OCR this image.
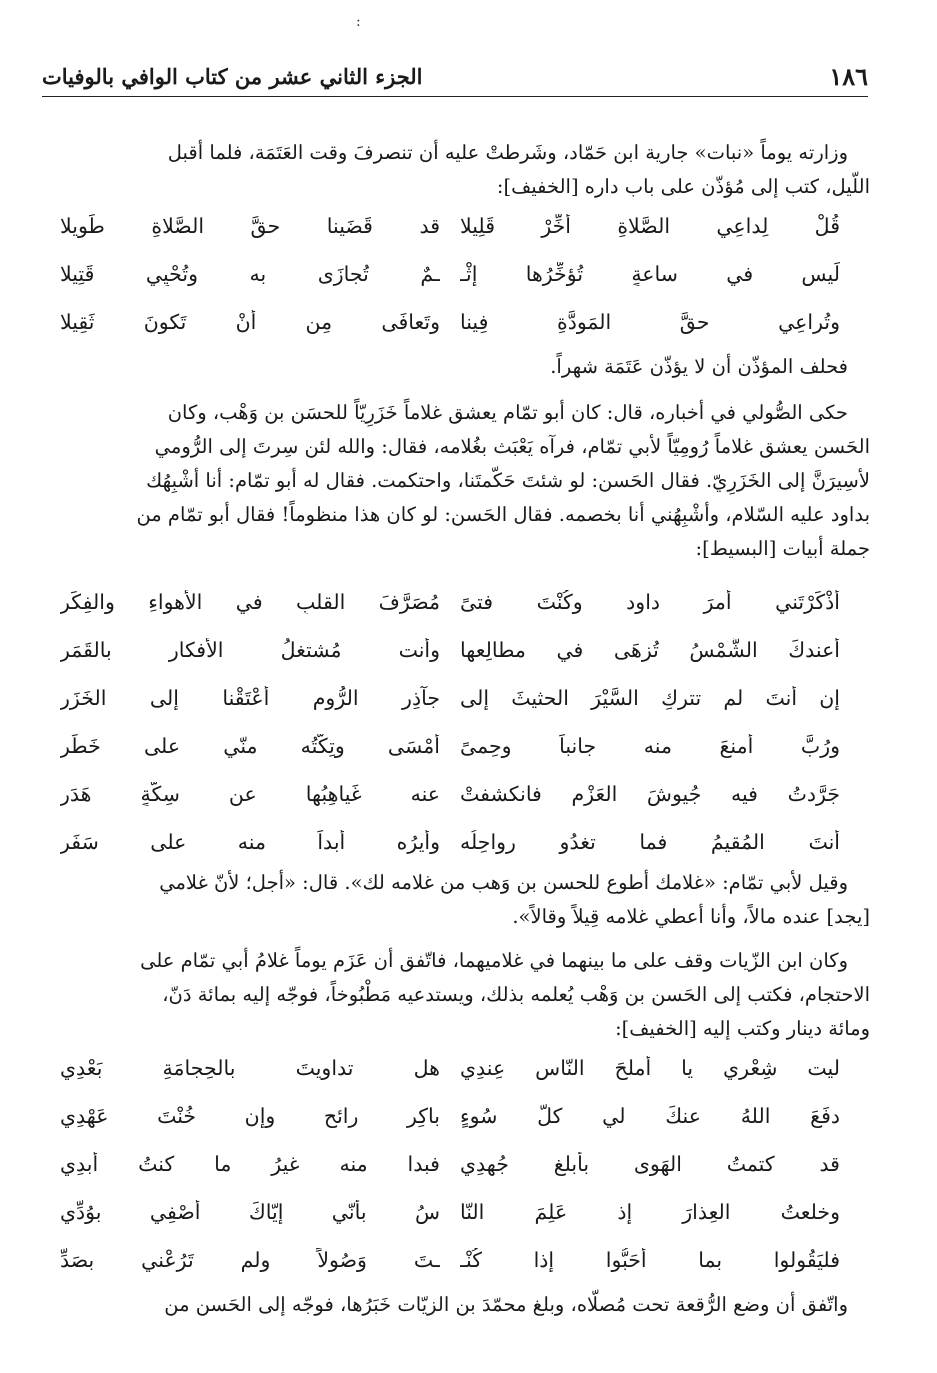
:
١٨٦
الجزء الثاني عشر من كتاب الوافي بالوفيات

وزارته يوماً «نبات» جارية ابن حَمّاد، وشَرطتْ عليه أن تنصرفَ وقت العَتَمَة، فلما أقبل

اللّيل، كتب إلى مُؤذّن على باب داره [الخفيف]:

قُلْ لِداعِي الصَّلاةِ أخِّرْ قَلِيلا
قد قَضَينا حقَّ الصَّلاةِ طَوِيلا
لَيس في ساعةٍ تُؤخِّرُها إثْـ
ـمٌ تُجازَى به وتُحْيِي قَتِيلا
وتُراعِي حقَّ المَودَّةِ فِينا
وتَعافَى مِن أنْ تَكونَ ثَقِيلا

فحلف المؤذّن أن لا يؤذّن عَتَمَة شهراً.

حكى الصُّولي في أخباره، قال: كان أبو تمّام يعشق غلاماً خَزَرِيّاً للحسَن بن وَهْب، وكان

الحَسن يعشق غلاماً رُومِيّاً لأبي تمّام، فرآه يَعْبَث بغُلامه، فقال: والله لئن سِرتَ إلى الرُّومي

لأسِيرَنَّ إلى الخَزَرِيّ. فقال الحَسن: لو شئتَ حَكّمتَنا، واحتكمت. فقال له أبو تمّام: أنا أشْبِهُك

بداود عليه السّلام، وأشْبِهُني أنا بخصمه. فقال الحَسن: لو كان هذا منظوماً! فقال أبو تمّام من

جملة أبيات [البسيط]:

أذْكَرْتَني أمرَ داود وكُنْتَ فتىً
مُصَرَّفَ القلبِ في الأهواءِ والفِكَرِ
أعندكَ الشَّمْسُ تُزهَى في مطالِعها
وأنت مُشتغلُ الأفكارِ بالقَمَرِ
إن أنتَ لم تتركِ السَّيْرَ الحثيثَ إلى
جآذِرِ الرُّومِ أعْتَقْنا إلى الخَزَرِ
ورُبَّ أمنعَ منه جانباً وحِمىً
أمْسَى وتِكَّتُه منّي على خَطَرِ
جَرَّدتُ فيه جُيوشَ العَزْمِ فانكشفتْ
عنه غَياهِبُها عن سِكّةٍ هَدَرِ
أنتَ المُقيمُ فما تغدُو رواحِلُه
وأيرُه أبداً منه على سَفَرِ

وقيل لأبي تمّام: «غلامك أطوع للحسن بن وَهب من غلامه لك». قال: «أجل؛ لأنّ غلامي

[يجد] عنده مالاً، وأنا أعطي غلامه قِيلاً وقالاً».

وكان ابن الزّيات وقف على ما بينهما في غلاميهما، فاتّفق أن عَزَم يوماً غلامُ أبي تمّام على

الاحتجام، فكتب إلى الحَسن بن وَهْب يُعلمه بذلك، ويستدعيه مَطْبُوخاً، فوجّه إليه بمائة دَنّ،

ومائة دينار وكتب إليه [الخفيف]:

ليت شِعْري يا أملحَ النّاسِ عِندِي
هل تداويتَ بالحِجامَةِ بَعْدِي
دفَعَ اللهُ عنكَ لي كلَّ سُوءٍ
باكِرٍ رائحٍ وإن خُنْتَ عَهْدِي
قد كتمتُ الهَوى بأبلغِ جُهدِي
فبدا منه غيرُ ما كنتُ أُبدِي
وخلعتُ العِذارَ إذ عَلِمَ النّا
سُ بأنّي إيّاكَ أُصْفِي بوُدِّي
فليَقُولوا بما أحَبُّوا إذا كُنْـ
ـتَ وَصُولاً ولم تَرُعْني بصَدِّ

واتّفق أن وضع الرُّقعة تحت مُصلّاه، وبلغ محمّدَ بن الزيّات خَبَرُها، فوجّه إلى الحَسن من
